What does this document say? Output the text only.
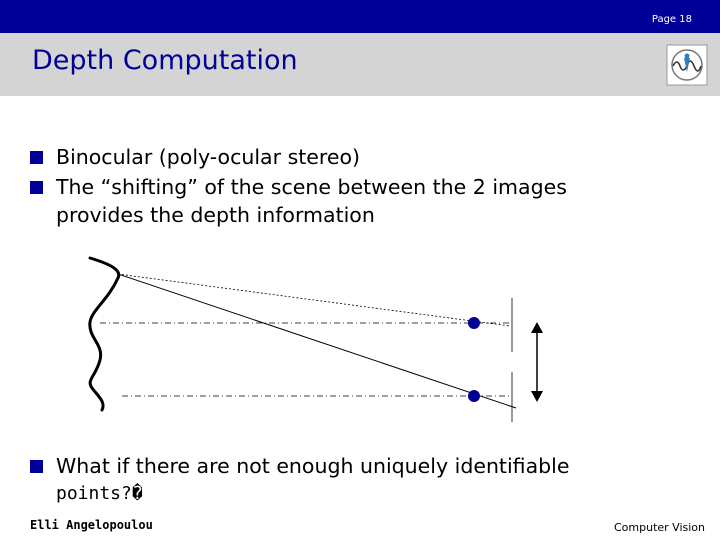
Page 18
Depth Computation
Binocular (poly-ocular stereo)
The “shifting” of the scene between the 2 images
provides the depth information
What if there are not enough uniquely identifiable
points?�
Elli Angelopoulou	Computer Vision
